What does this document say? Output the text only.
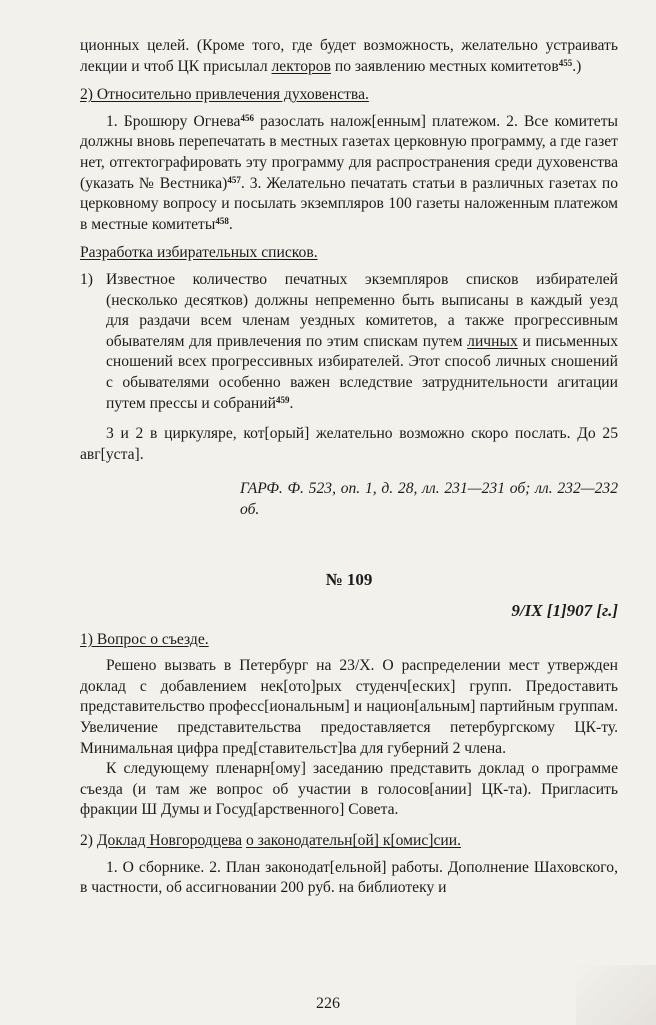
ционных целей. (Кроме того, где будет возможность, желательно устраивать лекции и чтоб ЦК присылал лекторов по заявлению местных комитетов$^{455}$.)

2) Относительно привлечения духовенства.

1. Брошюру Огнева$^{456}$ разослать налож[енным] платежом. 2. Все комитеты должны вновь перепечатать в местных газетах церковную программу, а где газет нет, отгектографировать эту программу для распространения среди духовенства (указать № Вестника)$^{457}$. 3. Желательно печатать статьи в различных газетах по церковному вопросу и посылать экземпляров 100 газеты наложенным платежом в местные комитеты$^{458}$.

Разработка избирательных списков.

1) Известное количество печатных экземпляров списков избирателей (несколько десятков) должны непременно быть выписаны в каждый уезд для раздачи всем членам уездных комитетов, а также прогрессивным обывателям для привлечения по этим спискам путем личных и письменных сношений всех прогрессивных избирателей. Этот способ личных сношений с обывателями особенно важен вследствие затруднительности агитации путем прессы и собраний$^{459}$.

3 и 2 в циркуляре, кот[орый] желательно возможно скоро послать. До 25 авг[уста].

ГАРФ. Ф. 523, оп. 1, д. 28, лл. 231—231 об; лл. 232—232 об.

№ 109

9/IX [1]907 [г.]

1) Вопрос о съезде.

Решено вызвать в Петербург на 23/X. О распределении мест утвержден доклад с добавлением нек[ото]рых студенч[еских] групп. Предоставить представительство професс[иональным] и национ[альным] партийным группам. Увеличение представительства предоставляется петербургскому ЦК-ту. Минимальная цифра пред[ставительст]ва для губерний 2 члена.

К следующему пленарн[ому] заседанию представить доклад о программе съезда (и там же вопрос об участии в голосов[ании] ЦК-та). Пригласить фракции Ш Думы и Госуд[арственного] Совета.

2) Доклад Новгородцева о законодательн[ой] к[омис]сии.

1. О сборнике. 2. План законодат[ельной] работы. Дополнение Шаховского, в частности, об ассигновании 200 руб. на библиотеку и

226
